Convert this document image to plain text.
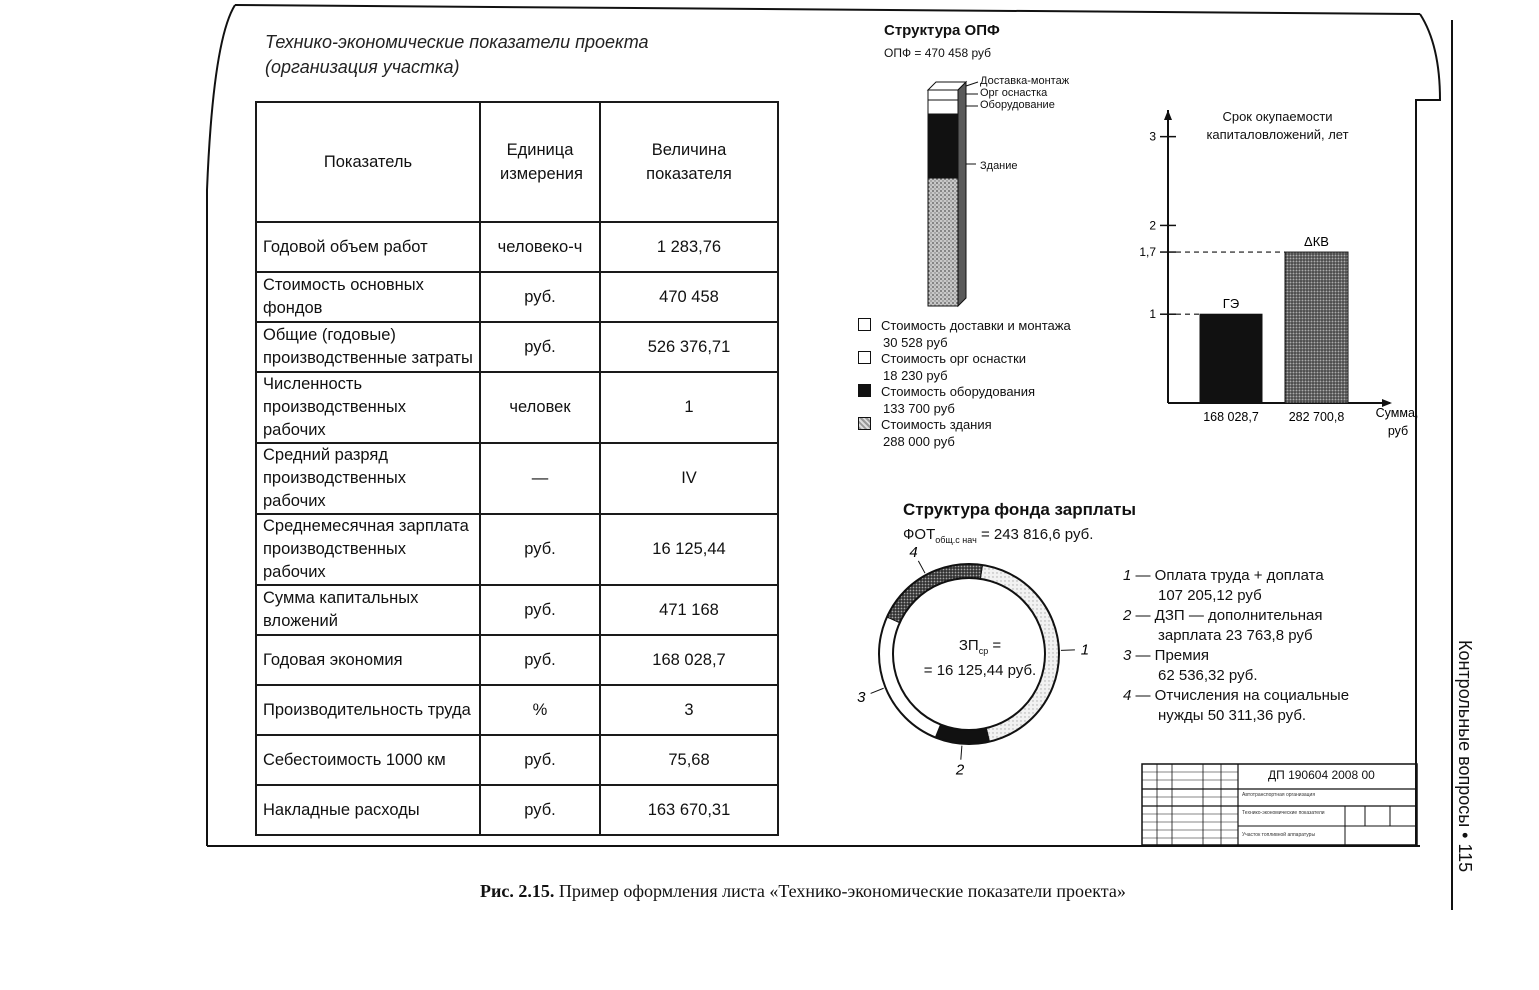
Технико-экономические показатели проекта
(организация участка)
Показатель	Единица измерения	Величина показателя

Годовой объем работ	человеко-ч	1 283,76
Стоимость основных фондов	руб.	470 458
Общие (годовые) производственные затраты	руб.	526 376,71
Численность производственных рабочих	человек	1
Средний разряд производственных рабочих	—	IV
Среднемесячная зарплата производственных рабочих	руб.	16 125,44
Сумма капитальных вложений	руб.	471 168
Годовая экономия	руб.	168 028,7
Производительность труда	%	3
Себестоимость 1000 км	руб.	75,68
Накладные расходы	руб.	163 670,31
Структура ОПФ
ОПФ = 470 458 руб
Доставка-монтаж
Орг оснастка
Оборудование
Здание
Стоимость доставки и монтажа
30 528 руб
Стоимость орг оснастки
18 230 руб
Стоимость оборудования
133 700 руб
Стоимость здания
288 000 руб
1
1,7
2
3
ГЭ
168 028,7
ΔКВ
282 700,8	Сумма,
руб
Срок окупаемости капиталовложений, лет
Структура фонда зарплаты
$ФОТ_{общ.с нач} = 243$ 816,6 руб.
1
2
3
4
$ЗП_{ср}$ =
= 16 125,44 руб.
1 — Оплата труда + доплата
107 205,12 руб
2 — ДЗП — дополнительная
зарплата 23 763,8 руб
3 — Премия
62 536,32 руб.
4 — Отчисления на социальные
нужды 50 311,36 руб.
ДП 190604 2008 00
Автотранспортная организация
Технико-экономические показатели
Участок топливной аппаратуры	Контрольные вопросы • 115
Рис. 2.15. Пример оформления листа «Технико-экономические показатели проекта»
